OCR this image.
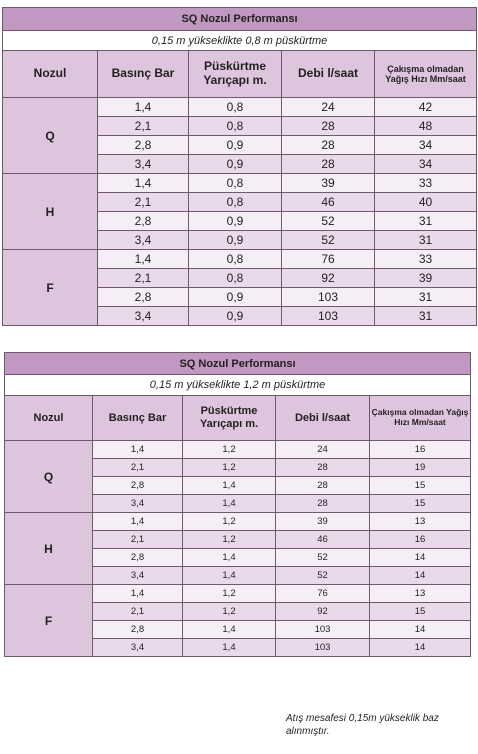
SQ Nozul Performansı				
0,15 m yükseklikte 0,8 m püskürtme				
Nozul	Basınç Bar	Püskürtme Yarıçapı m.	Debi l/saat	Çakışma olmadan Yağış Hızı Mm/saat
Q	1,4	0,8	24	42
	2,1	0,8	28	48
	2,8	0,9	28	34
	3,4	0,9	28	34
H	1,4	0,8	39	33
	2,1	0,8	46	40
	2,8	0,9	52	31
	3,4	0,9	52	31
F	1,4	0,8	76	33
	2,1	0,8	92	39
	2,8	0,9	103	31
	3,4	0,9	103	31
SQ Nozul Performansı				
0,15 m yükseklikte 1,2 m püskürtme				
Nozul	Basınç Bar	Püskürtme Yarıçapı m.	Debi l/saat	Çakışma olmadan Yağış Hızı Mm/saat
Q	1,4	1,2	24	16
	2,1	1,2	28	19
	2,8	1,4	28	15
	3,4	1,4	28	15
H	1,4	1,2	39	13
	2,1	1,2	46	16
	2,8	1,4	52	14
	3,4	1,4	52	14
F	1,4	1,2	76	13
	2,1	1,2	92	15
	2,8	1,4	103	14
	3,4	1,4	103	14
Atış mesafesi 0,15m yükseklik baz alınmıştır.
